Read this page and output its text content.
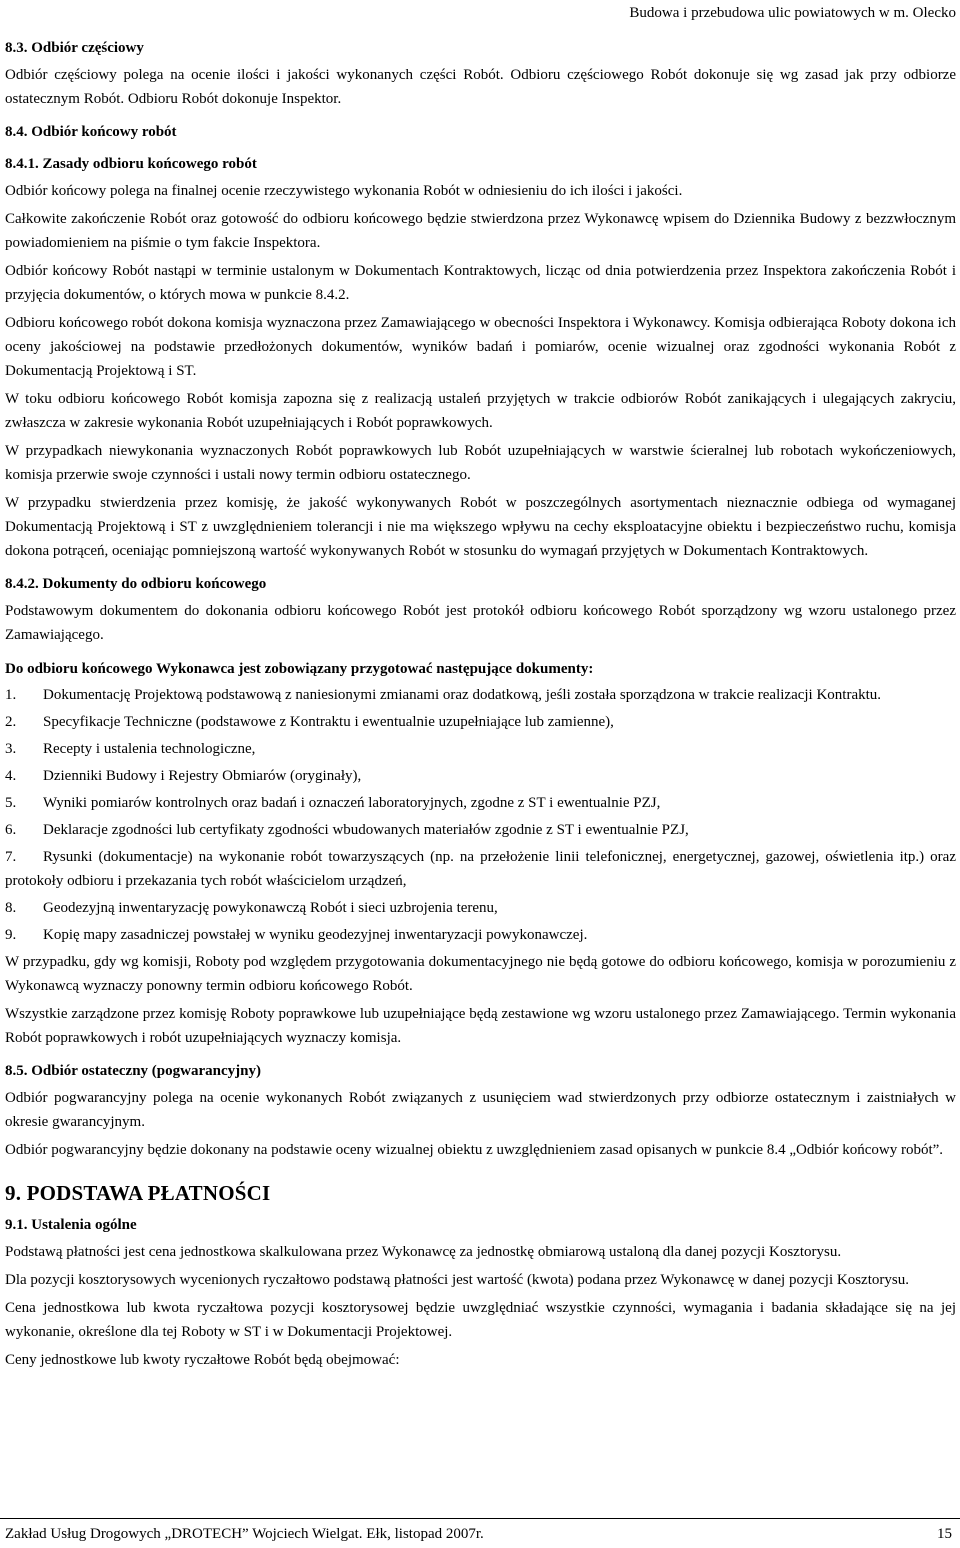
Budowa i przebudowa ulic powiatowych w m. Olecko
8.3. Odbiór częściowy

Odbiór częściowy polega na ocenie ilości i jakości wykonanych części Robót. Odbioru częściowego Robót dokonuje się wg zasad jak przy odbiorze ostatecznym Robót. Odbioru Robót dokonuje Inspektor.

8.4. Odbiór końcowy robót
8.4.1. Zasady odbioru końcowego robót

Odbiór końcowy polega na finalnej ocenie rzeczywistego wykonania Robót w odniesieniu do ich ilości i jakości.

Całkowite zakończenie Robót oraz gotowość do odbioru końcowego będzie stwierdzona przez Wykonawcę wpisem do Dziennika Budowy z bezzwłocznym powiadomieniem na piśmie o tym fakcie Inspektora.

Odbiór końcowy Robót nastąpi w terminie ustalonym w Dokumentach Kontraktowych, licząc od dnia potwierdzenia przez Inspektora zakończenia Robót i przyjęcia dokumentów, o których mowa w punkcie 8.4.2.

Odbioru końcowego robót dokona komisja wyznaczona przez Zamawiającego w obecności Inspektora i Wykonawcy. Komisja odbierająca Roboty dokona ich oceny jakościowej na podstawie przedłożonych dokumentów, wyników badań i pomiarów, ocenie wizualnej oraz zgodności wykonania Robót z Dokumentacją Projektową i ST.

W toku odbioru końcowego Robót komisja zapozna się z realizacją ustaleń przyjętych w trakcie odbiorów Robót zanikających i ulegających zakryciu, zwłaszcza w zakresie wykonania Robót uzupełniających i Robót poprawkowych.

W przypadkach niewykonania wyznaczonych Robót poprawkowych lub Robót uzupełniających w warstwie ścieralnej lub robotach wykończeniowych, komisja przerwie swoje czynności i ustali nowy termin odbioru ostatecznego.

W przypadku stwierdzenia przez komisję, że jakość wykonywanych Robót w poszczególnych asortymentach nieznacznie odbiega od wymaganej Dokumentacją Projektową i ST z uwzględnieniem tolerancji i nie ma większego wpływu na cechy eksploatacyjne obiektu i bezpieczeństwo ruchu, komisja dokona potrąceń, oceniając pomniejszoną wartość wykonywanych Robót w stosunku do wymagań przyjętych w Dokumentach Kontraktowych.

8.4.2. Dokumenty do odbioru końcowego

Podstawowym dokumentem do dokonania odbioru końcowego Robót jest protokół odbioru końcowego Robót sporządzony wg wzoru ustalonego przez Zamawiającego.

Do odbioru końcowego Wykonawca jest zobowiązany przygotować następujące dokumenty:

1. Dokumentację Projektową podstawową z naniesionymi zmianami oraz dodatkową, jeśli została sporządzona w trakcie realizacji Kontraktu.
2. Specyfikacje Techniczne (podstawowe z Kontraktu i ewentualnie uzupełniające lub zamienne),
3. Recepty i ustalenia technologiczne,
4. Dzienniki Budowy i Rejestry Obmiarów (oryginały),
5. Wyniki pomiarów kontrolnych oraz badań i oznaczeń laboratoryjnych, zgodne z ST i ewentualnie PZJ,
6. Deklaracje zgodności lub certyfikaty zgodności wbudowanych materiałów zgodnie z ST i ewentualnie PZJ,
7. Rysunki (dokumentacje) na wykonanie robót towarzyszących (np. na przełożenie linii telefonicznej, energetycznej, gazowej, oświetlenia itp.) oraz protokoły odbioru i przekazania tych robót właścicielom urządzeń,
8. Geodezyjną inwentaryzację powykonawczą Robót i sieci uzbrojenia terenu,
9. Kopię mapy zasadniczej powstałej w wyniku geodezyjnej inwentaryzacji powykonawczej.

W przypadku, gdy wg komisji, Roboty pod względem przygotowania dokumentacyjnego nie będą gotowe do odbioru końcowego, komisja w porozumieniu z Wykonawcą wyznaczy ponowny termin odbioru końcowego Robót.

Wszystkie zarządzone przez komisję Roboty poprawkowe lub uzupełniające będą zestawione wg wzoru ustalonego przez Zamawiającego. Termin wykonania Robót poprawkowych i robót uzupełniających wyznaczy komisja.

8.5. Odbiór ostateczny (pogwarancyjny)

Odbiór pogwarancyjny polega na ocenie wykonanych Robót związanych z usunięciem wad stwierdzonych przy odbiorze ostatecznym i zaistniałych w okresie gwarancyjnym.

Odbiór pogwarancyjny będzie dokonany na podstawie oceny wizualnej obiektu z uwzględnieniem zasad opisanych w punkcie 8.4 „Odbiór końcowy robót”.

9. PODSTAWA PŁATNOŚCI
9.1. Ustalenia ogólne

Podstawą płatności jest cena jednostkowa skalkulowana przez Wykonawcę za jednostkę obmiarową ustaloną dla danej pozycji Kosztorysu.

Dla pozycji kosztorysowych wycenionych ryczałtowo podstawą płatności jest wartość (kwota) podana przez Wykonawcę w danej pozycji Kosztorysu.

Cena jednostkowa lub kwota ryczałtowa pozycji kosztorysowej będzie uwzględniać wszystkie czynności, wymagania i badania składające się na jej wykonanie, określone dla tej Roboty w ST i w Dokumentacji Projektowej.

Ceny jednostkowe lub kwoty ryczałtowe Robót będą obejmować:

Zakład Usług Drogowych „DROTECH” Wojciech Wielgat. Ełk, listopad 2007r.	15
